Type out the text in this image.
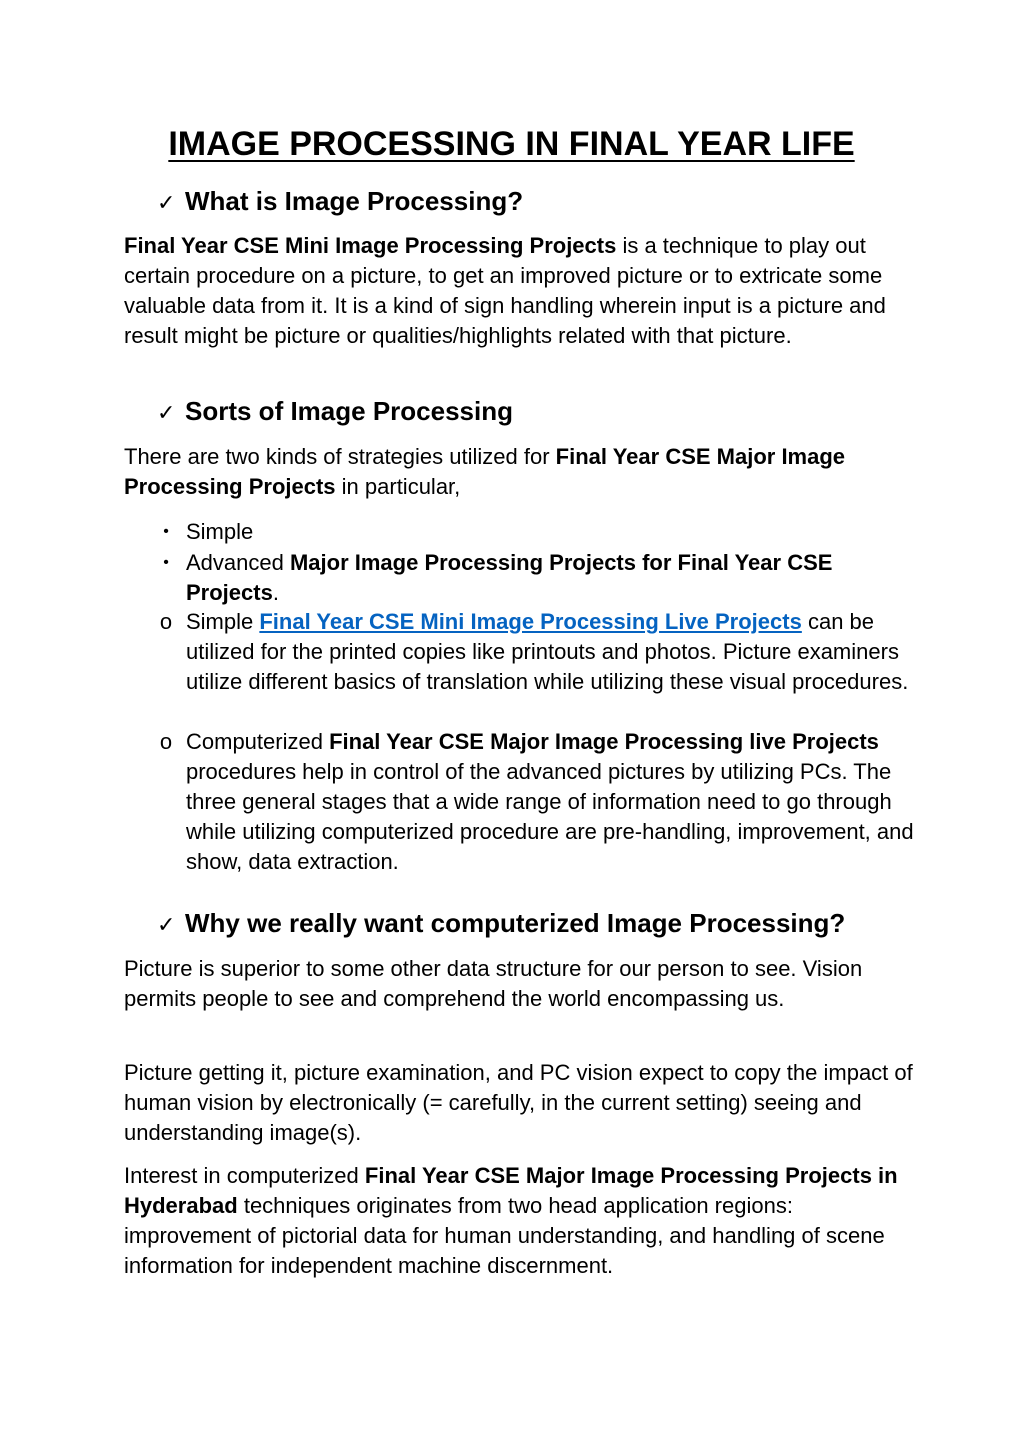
IMAGE PROCESSING IN FINAL YEAR LIFE
✓ What is Image Processing?

Final Year CSE Mini Image Processing Projects is a technique to play out certain procedure on a picture, to get an improved picture or to extricate some valuable data from it. It is a kind of sign handling wherein input is a picture and result might be picture or qualities/highlights related with that picture.

✓ Sorts of Image Processing

There are two kinds of strategies utilized for Final Year CSE Major Image Processing Projects in particular,

• Simple
• Advanced Major Image Processing Projects for Final Year CSE Projects.
o Simple Final Year CSE Mini Image Processing Live Projects can be utilized for the printed copies like printouts and photos. Picture examiners utilize different basics of translation while utilizing these visual procedures.
o Computerized Final Year CSE Major Image Processing live Projects procedures help in control of the advanced pictures by utilizing PCs. The three general stages that a wide range of information need to go through while utilizing computerized procedure are pre-handling, improvement, and show, data extraction.
✓ Why we really want computerized Image Processing?

Picture is superior to some other data structure for our person to see. Vision permits people to see and comprehend the world encompassing us.

Picture getting it, picture examination, and PC vision expect to copy the impact of human vision by electronically (= carefully, in the current setting) seeing and understanding image(s).

Interest in computerized Final Year CSE Major Image Processing Projects in Hyderabad techniques originates from two head application regions: improvement of pictorial data for human understanding, and handling of scene information for independent machine discernment.
